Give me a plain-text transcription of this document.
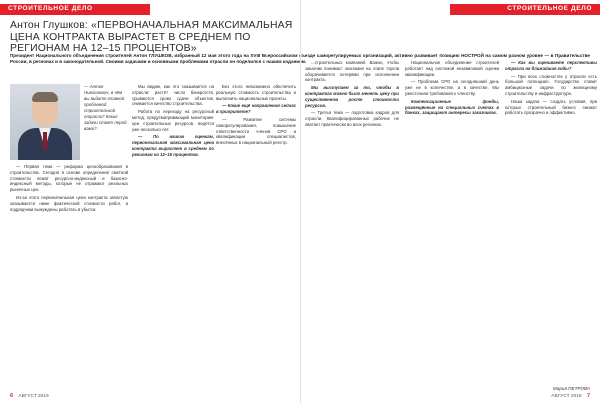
СТРОИТЕЛЬНОЕ ДЕЛО
Антон Глушков: «ПЕРВОНАЧАЛЬНАЯ МАКСИМАЛЬНАЯ ЦЕНА КОНТРАКТА ВЫРАСТЕТ В СРЕДНЕМ ПО РЕГИОНАМ НА 12–15 ПРОЦЕНТОВ»
— Антон Николаевич, в чём вы видите главной проблемой строительной отрасли? Какие задачи стоят перед вами?

— Первая тема — реформа ценообразования в строительстве. Сегодня в основе определения сметной стоимости лежат ресурсно-индексный и базисно-индексный методы, которые не отражают реальных рыночных цен.

Из-за этого первоначальная цена контракта зачастую оказывается ниже фактической стоимости работ, а подрядчики вынуждены работать в убыток.

Мы видим, как это сказывается на отрасли: растёт число банкротств, срываются сроки сдачи объектов, снижается качество строительства.

Работа по переходу на ресурсный метод, предусматривающий мониторинг цен строительных ресурсов, ведётся уже несколько лет.

— По нашим оценкам, первоначальная максимальная цена контракта вырастет в среднем по регионам на 12–15 процентов.

Без этого невозможно обеспечить реальную стоимость строительства и выполнить национальные проекты.

— Какие ещё направления сейчас в приоритете?

— Развитие системы саморегулирования, повышение ответственности членов СРО и квалификации специалистов, внесённых в национальный реестр.

6 АВГУСТ 2019
Президент Национального объединения строителей Антон ГЛУШКОВ, избранный 12 мая этого года на XVIII Всероссийском съезде саморегулируемых организаций, активно развивает позицию НОСТРОЙ на самом разном уровне — в Правительстве России, в регионах и в законодательной. Своими задачами и основными проблемами отрасли он поделился с нашим изданием.
СТРОИТЕЛЬНОЕ ДЕЛО

...строительных компаний. Важно, чтобы заказчик понимал: экономия на этапе торгов оборачивается потерями при исполнении контракта.

Мы выступаем за то, чтобы в контрактах можно было менять цену при существенном росте стоимости ресурсов.

— Третья тема — подготовка кадров для отрасли. Квалифицированных рабочих не хватает практически во всех регионах.

Национальное объединение строителей работает над системой независимой оценки квалификации.

— Проблема СРО на сегодняшний день уже не в количестве, а в качестве. Мы ужесточили требования к членству.

Компенсационные фонды, размещённые на специальных счетах в банках, защищают интересы заказчиков.

— Как вы оцениваете перспективы отрасли на ближайшие годы?

— При всех сложностях у отрасли есть большой потенциал. Государство ставит амбициозные задачи по жилищному строительству и инфраструктуре.

Наша задача — создать условия, при которых строительный бизнес сможет работать прозрачно и эффективно.

Мария ПЕТРОВА
АВГУСТ 2019 7
